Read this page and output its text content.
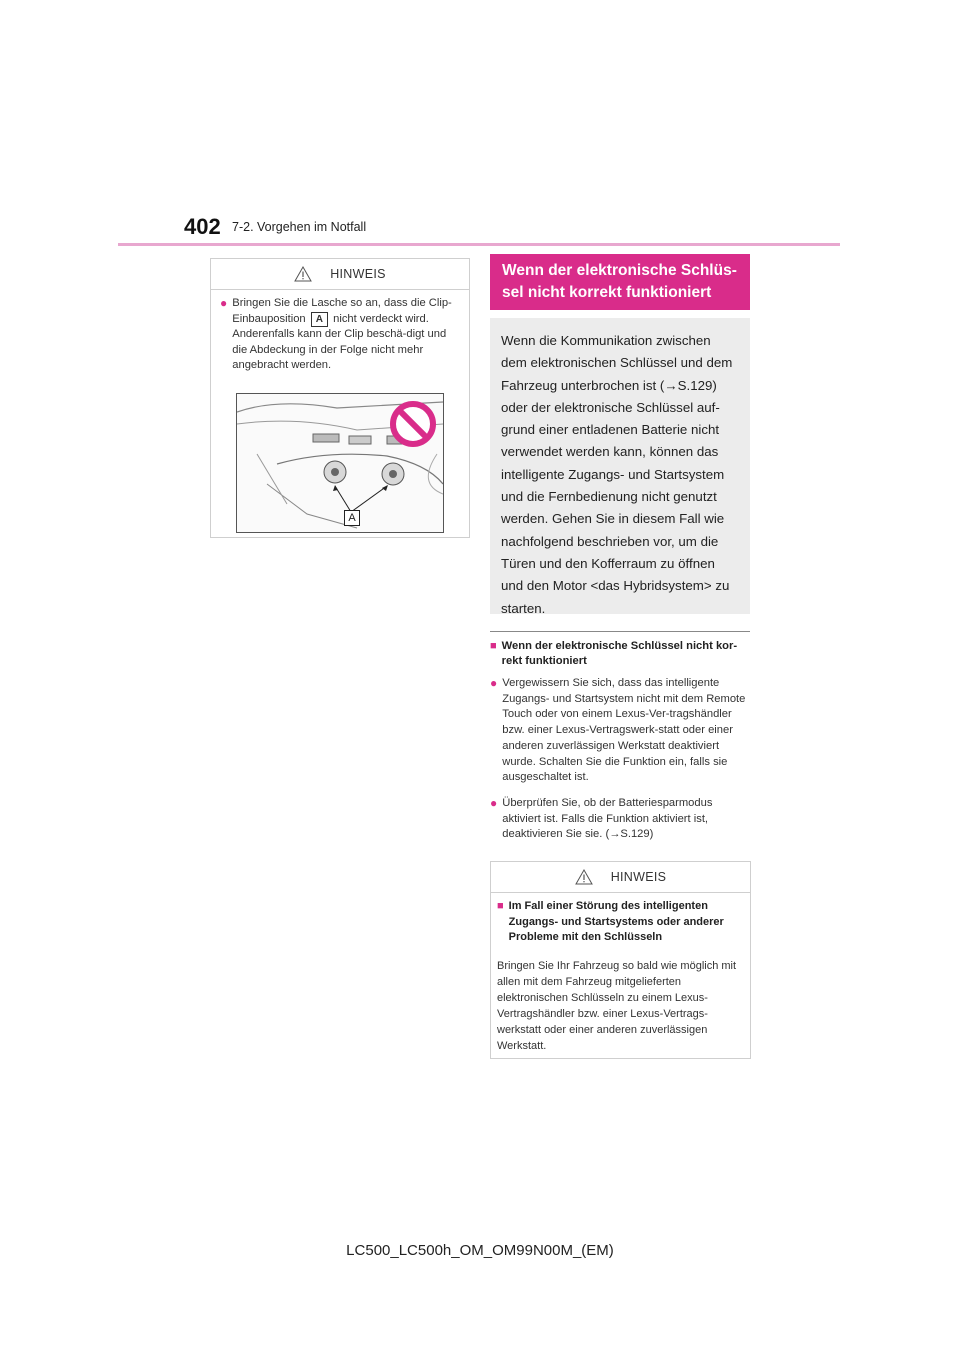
402 7-2. Vorgehen im Notfall
HINWEIS
● Bringen Sie die Lasche so an, dass die Clip-Einbauposition A nicht verdeckt wird. Anderenfalls kann der Clip beschä-digt und die Abdeckung in der Folge nicht mehr angebracht werden.
A
Wenn der elektronische Schlüs-sel nicht korrekt funktioniert
Wenn die Kommunikation zwischen dem elektronischen Schlüssel und dem Fahrzeug unterbrochen ist (→S.129) oder der elektronische Schlüssel auf-grund einer entladenen Batterie nicht verwendet werden kann, können das intelligente Zugangs- und Startsystem und die Fernbedienung nicht genutzt werden. Gehen Sie in diesem Fall wie nachfolgend beschrieben vor, um die Türen und den Kofferraum zu öffnen und den Motor <das Hybridsystem> zu starten.
■ Wenn der elektronische Schlüssel nicht kor-rekt funktioniert
● Vergewissern Sie sich, dass das intelligente Zugangs- und Startsystem nicht mit dem Remote Touch oder von einem Lexus-Ver-tragshändler bzw. einer Lexus-Vertragswerk-statt oder einer anderen zuverlässigen Werkstatt deaktiviert wurde. Schalten Sie die Funktion ein, falls sie ausgeschaltet ist.
● Überprüfen Sie, ob der Batteriesparmodus aktiviert ist. Falls die Funktion aktiviert ist, deaktivieren Sie sie. (→S.129)
HINWEIS
■ Im Fall einer Störung des intelligenten Zugangs- und Startsystems oder anderer Probleme mit den Schlüsseln
Bringen Sie Ihr Fahrzeug so bald wie möglich mit allen mit dem Fahrzeug mitgelieferten elektronischen Schlüsseln zu einem Lexus-Vertragshändler bzw. einer Lexus-Vertrags-werkstatt oder einer anderen zuverlässigen Werkstatt.
LC500_LC500h_OM_OM99N00M_(EM)
